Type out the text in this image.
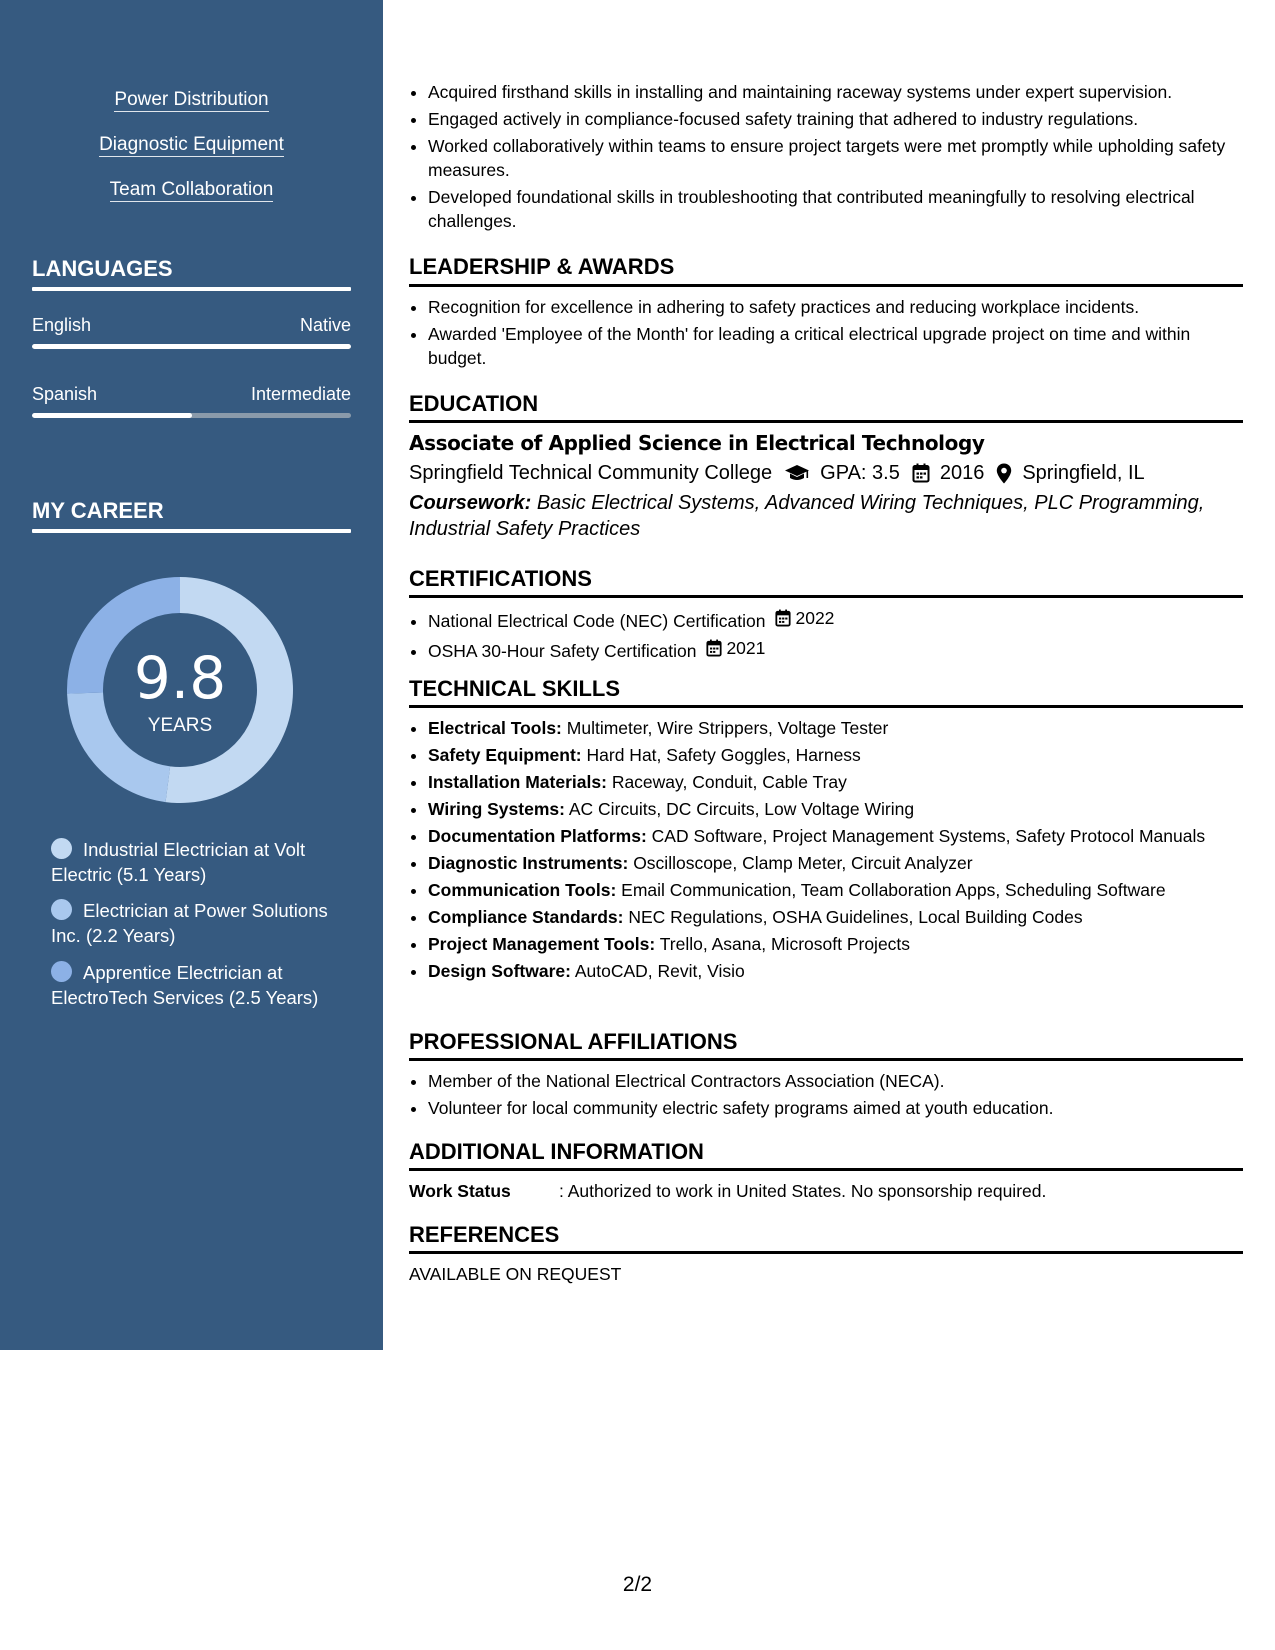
Power Distribution
Diagnostic Equipment
Team Collaboration
LANGUAGES
English	Native
Spanish	Intermediate
MY CAREER
9.8
YEARS
Industrial Electrician at Volt Electric (5.1 Years)
Electrician at Power Solutions Inc. (2.2 Years)
Apprentice Electrician at ElectroTech Services (2.5 Years)
• Acquired firsthand skills in installing and maintaining raceway systems under expert supervision.
• Engaged actively in compliance-focused safety training that adhered to industry regulations.
• Worked collaboratively within teams to ensure project targets were met promptly while upholding safety measures.
• Developed foundational skills in troubleshooting that contributed meaningfully to resolving electrical challenges.
LEADERSHIP & AWARDS
• Recognition for excellence in adhering to safety practices and reducing workplace incidents.
• Awarded 'Employee of the Month' for leading a critical electrical upgrade project on time and within budget.
EDUCATION
Associate of Applied Science in Electrical Technology
Springfield Technical Community College GPA: 3.5 2016 Springfield, IL
Coursework: Basic Electrical Systems, Advanced Wiring Techniques, PLC Programming, Industrial Safety Practices
CERTIFICATIONS
• National Electrical Code (NEC) Certification 2022
• OSHA 30-Hour Safety Certification 2021
TECHNICAL SKILLS
• Electrical Tools: Multimeter, Wire Strippers, Voltage Tester
• Safety Equipment: Hard Hat, Safety Goggles, Harness
• Installation Materials: Raceway, Conduit, Cable Tray
• Wiring Systems: AC Circuits, DC Circuits, Low Voltage Wiring
• Documentation Platforms: CAD Software, Project Management Systems, Safety Protocol Manuals
• Diagnostic Instruments: Oscilloscope, Clamp Meter, Circuit Analyzer
• Communication Tools: Email Communication, Team Collaboration Apps, Scheduling Software
• Compliance Standards: NEC Regulations, OSHA Guidelines, Local Building Codes
• Project Management Tools: Trello, Asana, Microsoft Projects
• Design Software: AutoCAD, Revit, Visio
PROFESSIONAL AFFILIATIONS
• Member of the National Electrical Contractors Association (NECA).
• Volunteer for local community electric safety programs aimed at youth education.
ADDITIONAL INFORMATION
Work Status	: Authorized to work in United States. No sponsorship required.
REFERENCES
AVAILABLE ON REQUEST
2/2
